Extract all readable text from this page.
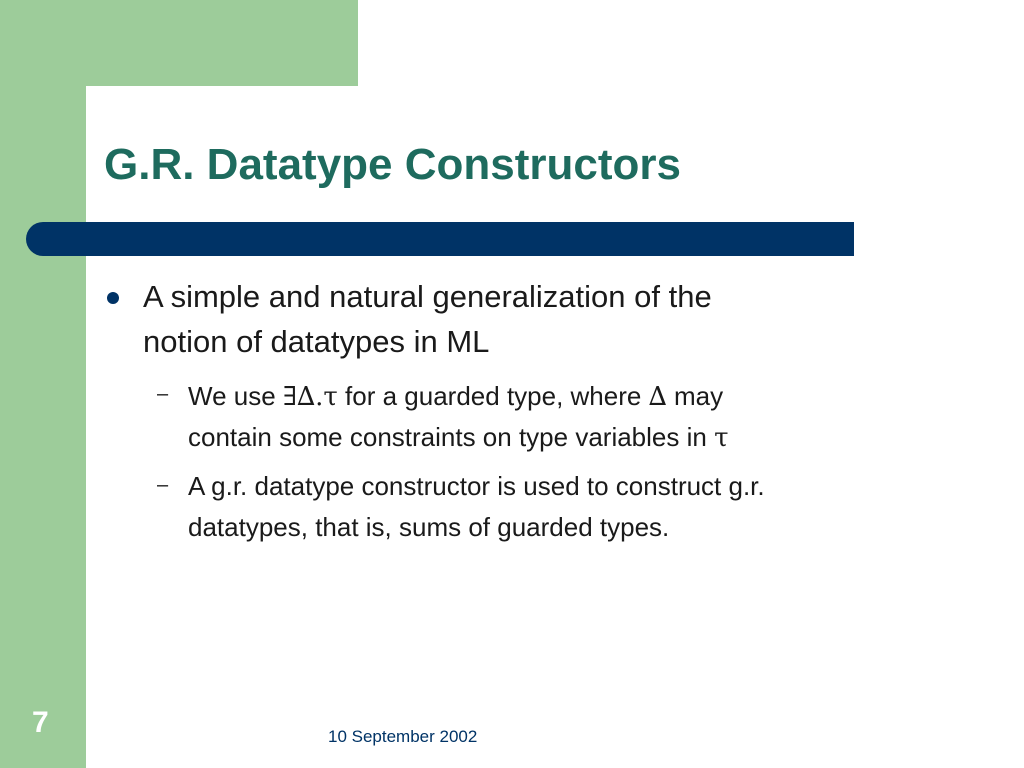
G.R. Datatype Constructors
A simple and natural generalization of the
notion of datatypes in ML
– We use ∃∆.τ for a guarded type, where ∆ may
contain some constraints on type variables in τ
– A g.r. datatype constructor is used to construct g.r.
datatypes, that is, sums of guarded types.
7	10 September 2002
